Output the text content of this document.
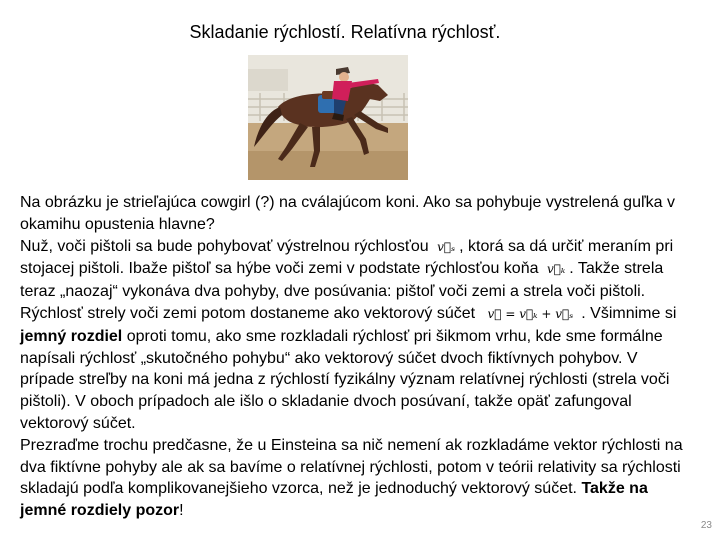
Skladanie rýchlostí. Relatívna rýchlosť.

Na obrázku je strieľajúca cowgirl (?) na cválajúcom koni. Ako sa pohybuje vystrelená guľka v okamihu opustenia hlavne?

Nuž, voči pištoli sa bude pohybovať výstrelnou rýchlosťou v⃗ₛ , ktorá sa dá určiť meraním pri stojacej pištoli. Ibaže pištoľ sa hýbe voči zemi v podstate rýchlosťou koňa v⃗ₖ . Takže strela teraz „naozaj“ vykonáva dva pohyby, dve posúvania: pištoľ voči zemi a strela voči pištoli. Rýchlosť strely voči zemi potom dostaneme ako vektorový súčet v⃗ = v⃗ₖ + v⃗ₛ . Všimnime si jemný rozdiel oproti tomu, ako sme rozkladali rýchlosť pri šikmom vrhu, kde sme formálne napísali rýchlosť „skutočného pohybu“ ako vektorový súčet dvoch fiktívnych pohybov. V prípade streľby na koni má jedna z rýchlostí fyzikálny význam relatívnej rýchlosti (strela voči pištoli). V oboch prípadoch ale išlo o skladanie dvoch posúvaní, takže opäť zafungoval vektorový súčet.

Prezraďme trochu predčasne, že u Einsteina sa nič nemení ak rozkladáme vektor rýchlosti na dva fiktívne pohyby ale ak sa bavíme o relatívnej rýchlosti, potom v teórii relativity sa rýchlosti skladajú podľa komplikovanejšieho vzorca, než je jednoduchý vektorový súčet. Takže na jemné rozdiely pozor!

23
